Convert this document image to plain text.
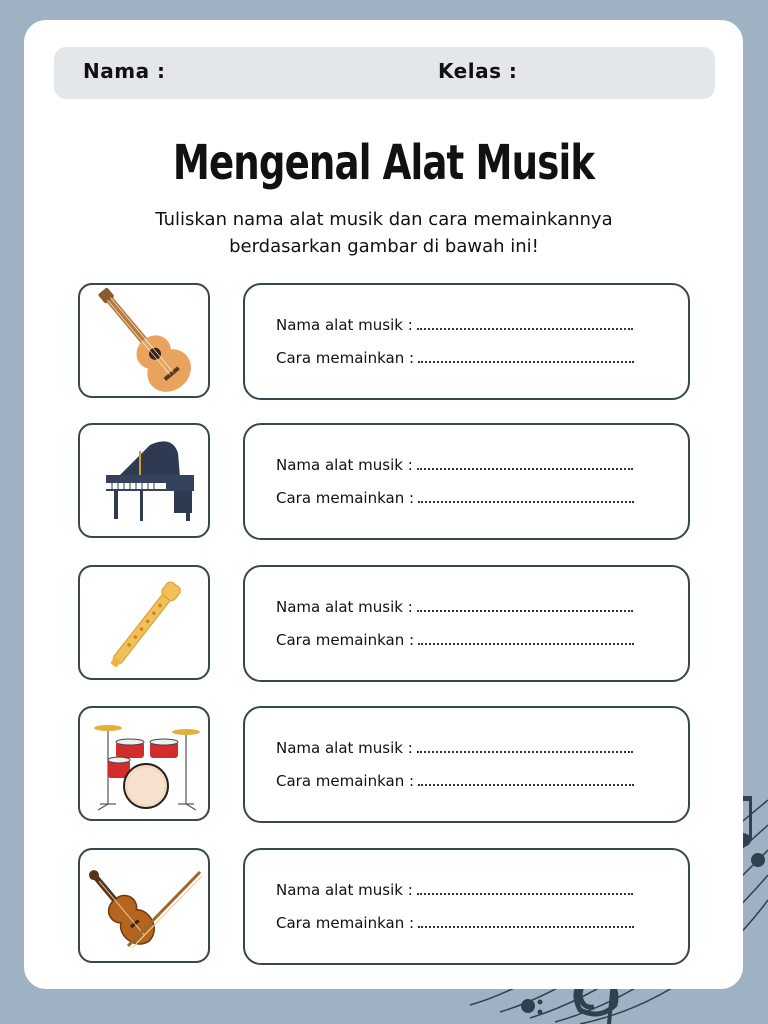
Nama :	Kelas :
Mengenal Alat Musik
Tuliskan nama alat musik dan cara memainkannya
berdasarkan gambar di bawah ini!
Nama alat musik :
Cara memainkan :
Nama alat musik :
Cara memainkan :
Nama alat musik :
Cara memainkan :
Nama alat musik :
Cara memainkan :
Nama alat musik :
Cara memainkan :
